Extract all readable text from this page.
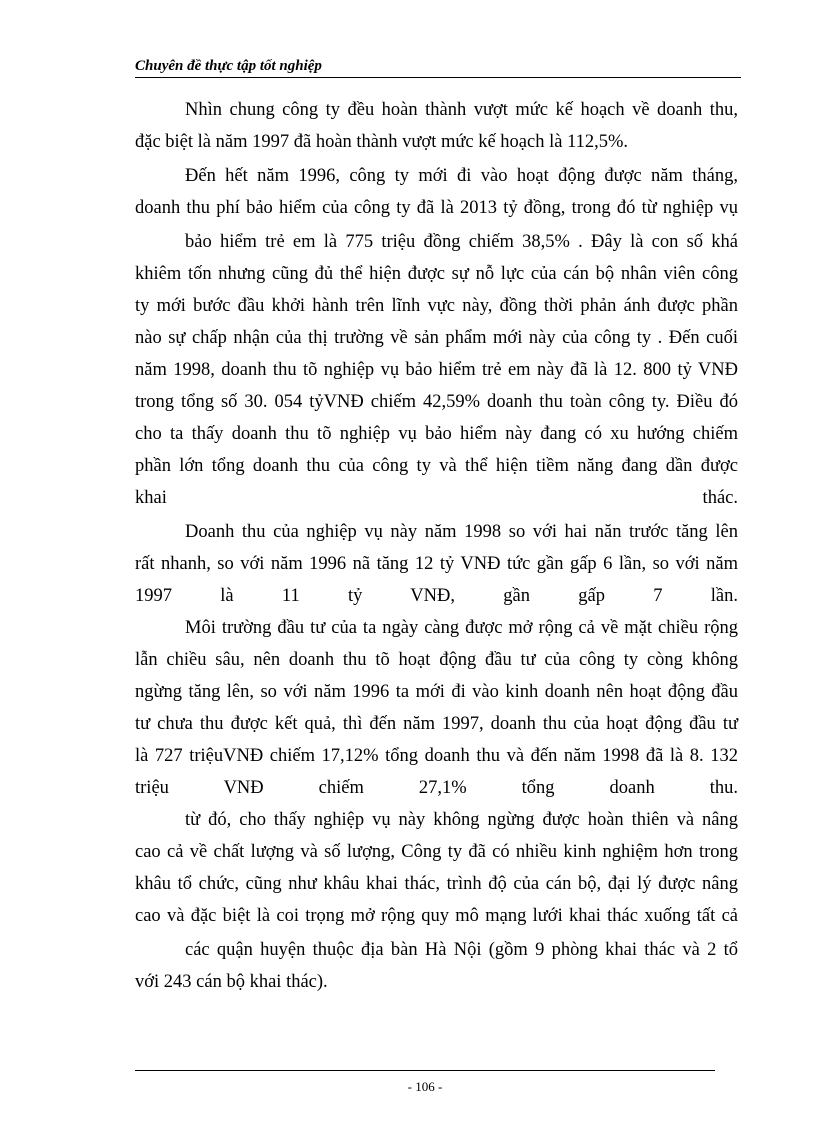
Chuyên đề thực tập tốt nghiệp
Nhìn chung công ty đều hoàn thành vượt mức kế hoạch về doanh thu,
đặc biệt là năm 1997 đã hoàn thành vượt mức kế hoạch là 112,5%.
Đến hết năm 1996, công ty mới đi vào hoạt động được năm tháng,
doanh thu phí bảo hiểm của công ty đã là 2013 tỷ đồng, trong đó từ nghiệp vụ
bảo hiểm trẻ em là 775 triệu đồng chiếm 38,5% . Đây là con số khá
khiêm tốn nhưng cũng đủ thể hiện được sự nỗ lực của cán bộ nhân viên công
ty mới bước đầu khởi hành trên lĩnh vực này, đồng thời phản ánh được phần
nào sự chấp nhận của thị trường về sản phẩm mới này của công ty . Đến cuối
năm 1998, doanh thu tõ nghiệp vụ bảo hiểm trẻ em này đã là 12. 800 tỷ VNĐ
trong tổng số 30. 054 tỷVNĐ chiếm 42,59% doanh thu toàn công ty. Điều đó
cho ta thấy doanh thu tõ nghiệp vụ bảo hiểm này đang có xu hướng chiếm
phần lớn tổng doanh thu của công ty và thể hiện tiềm năng đang dần được
khai thác.
Doanh thu của nghiệp vụ này năm 1998 so với hai năn trước tăng lên
rất nhanh, so với năm 1996 nã tăng 12 tỷ VNĐ tức gần gấp 6 lần, so với năm
1997 là 11 tỷ VNĐ, gần gấp 7 lần.
Môi trường đầu tư của ta ngày càng được mở rộng cả về mặt chiều rộng
lẫn chiều sâu, nên doanh thu tõ hoạt động đầu tư của công ty còng không
ngừng tăng lên, so với năm 1996 ta mới đi vào kinh doanh nên hoạt động đầu
tư chưa thu được kết quả, thì đến năm 1997, doanh thu của hoạt động đầu tư
là 727 triệuVNĐ chiếm 17,12% tổng doanh thu và đến năm 1998 đã là 8. 132
triệu VNĐ chiếm 27,1% tổng doanh thu.
từ đó, cho thấy nghiệp vụ này không ngừng được hoàn thiên và nâng
cao cả về chất lượng và số lượng, Công ty đã có nhiều kinh nghiệm hơn trong
khâu tổ chức, cũng như khâu khai thác, trình độ của cán bộ, đại lý được nâng
cao và đặc biệt là coi trọng mở rộng quy mô mạng lưới khai thác xuống tất cả
các quận huyện thuộc địa bàn Hà Nội (gồm 9 phòng khai thác và 2 tổ
với 243 cán bộ khai thác).
- 106 -
